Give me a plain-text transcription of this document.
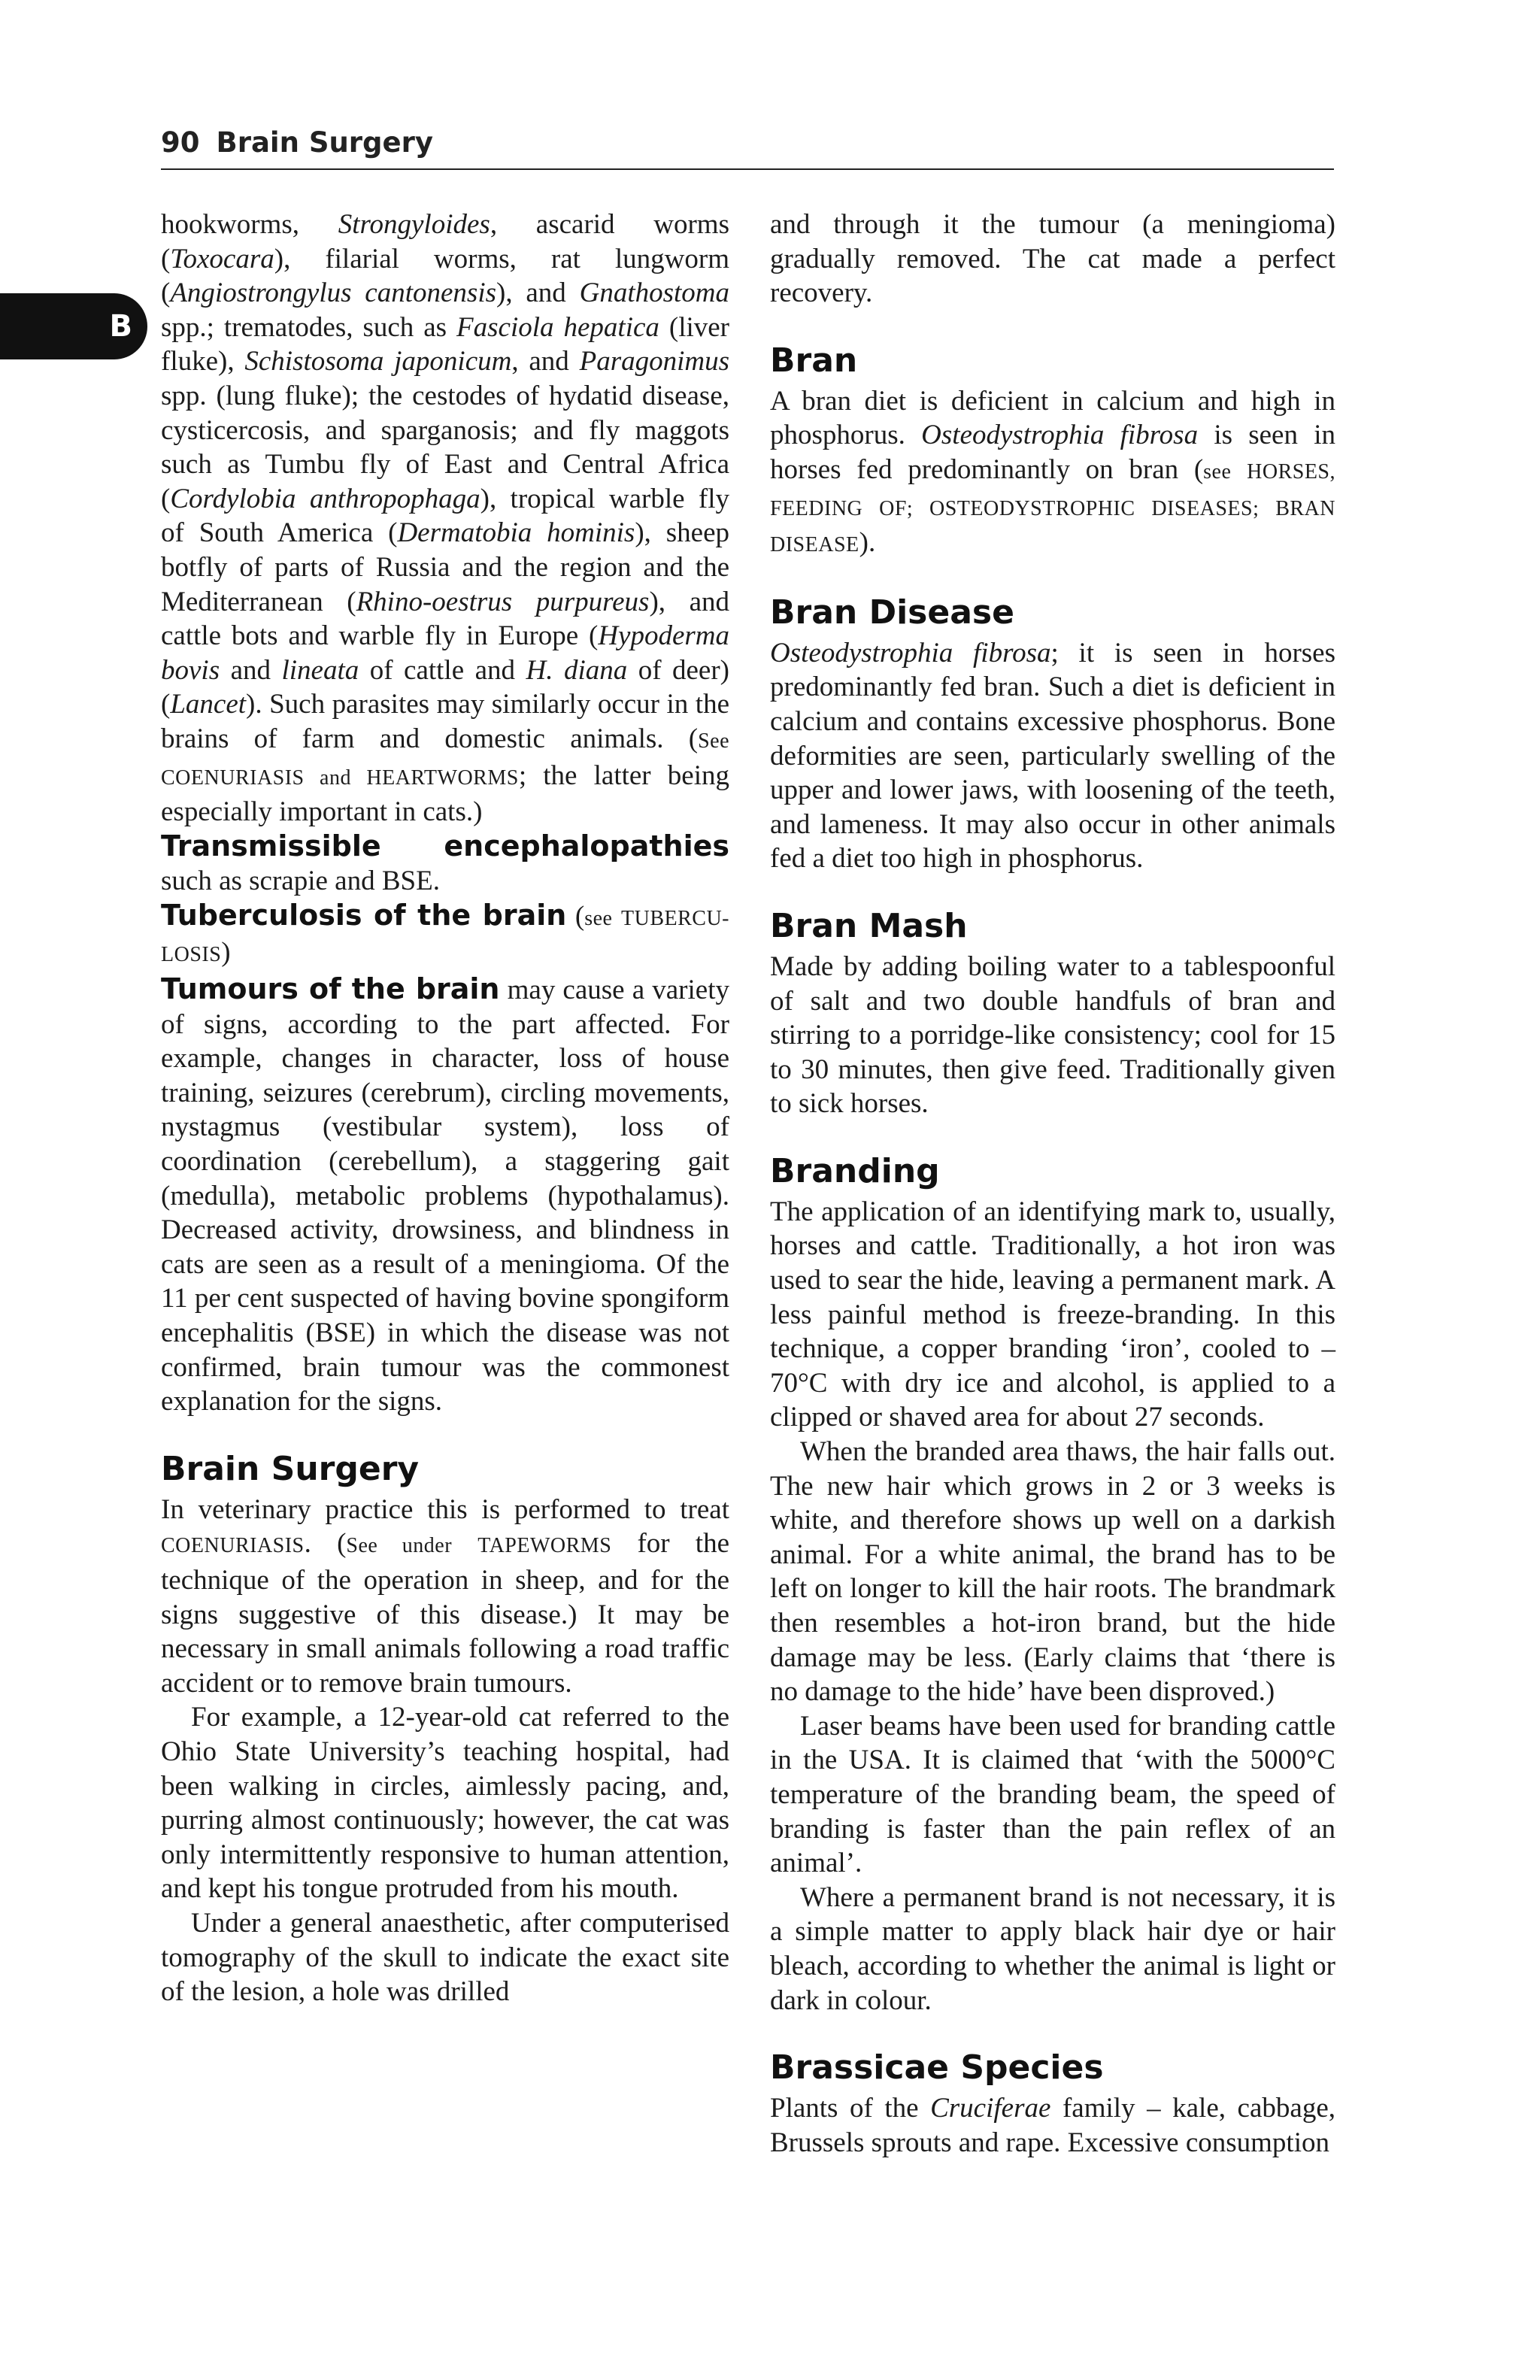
90 Brain Surgery
B

hookworms, Strongyloides, ascarid worms (Toxocara), filarial worms, rat lungworm (Angiostrongylus cantonensis), and Gnathostoma spp.; trematodes, such as Fasciola hepatica (liver fluke), Schistosoma japonicum, and Paragonimus spp. (lung fluke); the cestodes of hydatid disease, cysticercosis, and sparganosis; and fly maggots such as Tumbu fly of East and Central Africa (Cordylobia anthropophaga), tropical warble fly of South America (Dermatobia hominis), sheep botfly of parts of Russia and the region and the Mediterranean (Rhino-oestrus purpureus), and cattle bots and warble fly in Europe (Hypoderma bovis and lineata of cattle and H. diana of deer) (Lancet). Such parasites may similarly occur in the brains of farm and domestic animals. (See COENURIASIS and HEARTWORMS; the latter being especially important in cats.)

Transmissible encephalopathies such as scrapie and BSE.

Tuberculosis of the brain (see TUBERCU-LOSIS)

Tumours of the brain may cause a variety of signs, according to the part affected. For example, changes in character, loss of house training, seizures (cerebrum), circling movements, nystagmus (vestibular system), loss of coordination (cerebellum), a staggering gait (medulla), metabolic problems (hypothalamus). Decreased activity, drowsiness, and blindness in cats are seen as a result of a meningioma. Of the 11 per cent suspected of having bovine spongiform encephalitis (BSE) in which the disease was not confirmed, brain tumour was the commonest explanation for the signs.

Brain Surgery

In veterinary practice this is performed to treat COENURIASIS. (See under TAPEWORMS for the technique of the operation in sheep, and for the signs suggestive of this disease.) It may be necessary in small animals following a road traffic accident or to remove brain tumours.

For example, a 12-year-old cat referred to the Ohio State University’s teaching hospital, had been walking in circles, aimlessly pacing, and, purring almost continuously; however, the cat was only intermittently responsive to human attention, and kept his tongue protruded from his mouth.

Under a general anaesthetic, after computerised tomography of the skull to indicate the exact site of the lesion, a hole was drilled

and through it the tumour (a meningioma) gradually removed. The cat made a perfect recovery.

Bran

A bran diet is deficient in calcium and high in phosphorus. Osteodystrophia fibrosa is seen in horses fed predominantly on bran (see HORSES, FEEDING OF; OSTEODYSTROPHIC DISEASES; BRAN DISEASE).

Bran Disease

Osteodystrophia fibrosa; it is seen in horses predominantly fed bran. Such a diet is deficient in calcium and contains excessive phosphorus. Bone deformities are seen, particularly swelling of the upper and lower jaws, with loosening of the teeth, and lameness. It may also occur in other animals fed a diet too high in phosphorus.

Bran Mash

Made by adding boiling water to a tablespoonful of salt and two double handfuls of bran and stirring to a porridge-like consistency; cool for 15 to 30 minutes, then give feed. Traditionally given to sick horses.

Branding

The application of an identifying mark to, usually, horses and cattle. Traditionally, a hot iron was used to sear the hide, leaving a permanent mark. A less painful method is freeze-branding. In this technique, a copper branding ‘iron’, cooled to –70°C with dry ice and alcohol, is applied to a clipped or shaved area for about 27 seconds.

When the branded area thaws, the hair falls out. The new hair which grows in 2 or 3 weeks is white, and therefore shows up well on a darkish animal. For a white animal, the brand has to be left on longer to kill the hair roots. The brandmark then resembles a hot-iron brand, but the hide damage may be less. (Early claims that ‘there is no damage to the hide’ have been disproved.)

Laser beams have been used for branding cattle in the USA. It is claimed that ‘with the 5000°C temperature of the branding beam, the speed of branding is faster than the pain reflex of an animal’.

Where a permanent brand is not necessary, it is a simple matter to apply black hair dye or hair bleach, according to whether the animal is light or dark in colour.

Brassicae Species

Plants of the Cruciferae family – kale, cabbage, Brussels sprouts and rape. Excessive consumption
